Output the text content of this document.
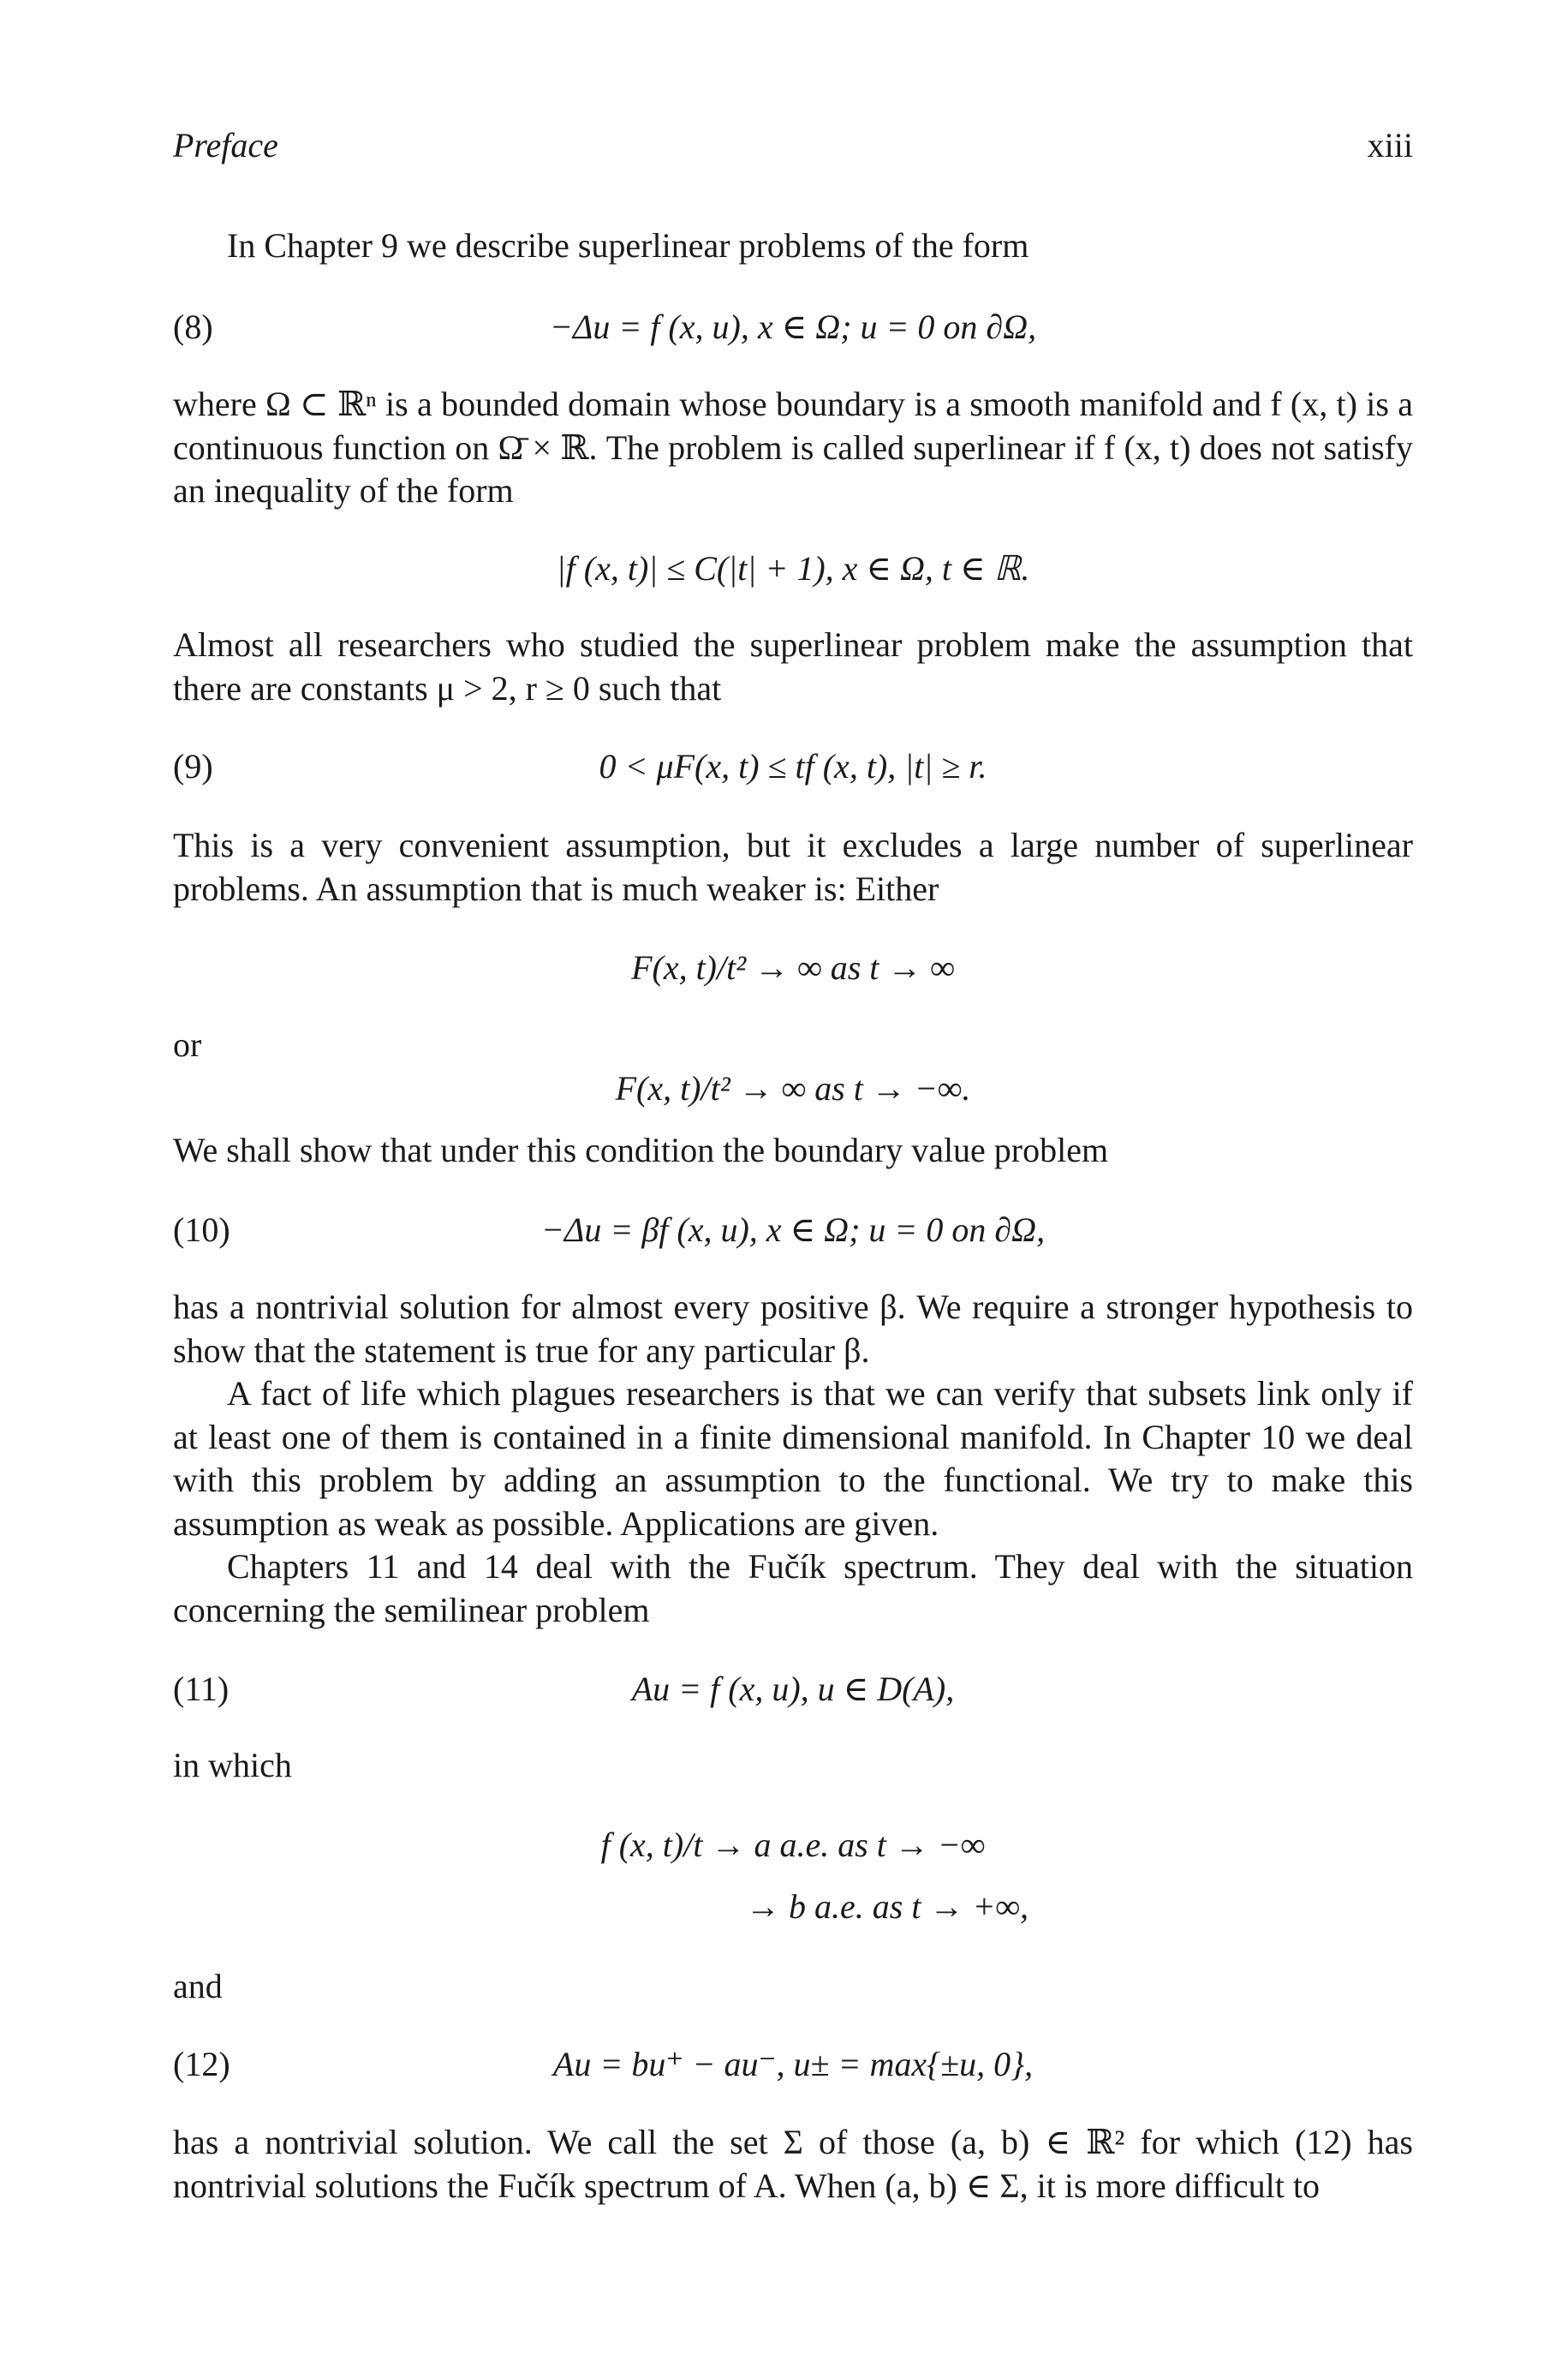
Preface	xiii
In Chapter 9 we describe superlinear problems of the form
(8)	−Δu = f (x, u), x ∈ Ω; u = 0 on ∂Ω,
where Ω ⊂ ℝⁿ is a bounded domain whose boundary is a smooth manifold and f (x, t) is a continuous function on Ω̄ × ℝ. The problem is called superlinear if f (x, t) does not satisfy an inequality of the form
|f (x, t)| ≤ C(|t| + 1), x ∈ Ω, t ∈ ℝ.
Almost all researchers who studied the superlinear problem make the assumption that there are constants μ > 2, r ≥ 0 such that
(9)	0 < μF(x, t) ≤ tf (x, t), |t| ≥ r.
This is a very convenient assumption, but it excludes a large number of superlinear problems. An assumption that is much weaker is: Either
F(x, t)/t² → ∞ as t → ∞
or
F(x, t)/t² → ∞ as t → −∞.
We shall show that under this condition the boundary value problem
(10)	−Δu = βf (x, u), x ∈ Ω; u = 0 on ∂Ω,
has a nontrivial solution for almost every positive β. We require a stronger hypothesis to show that the statement is true for any particular β.
A fact of life which plagues researchers is that we can verify that subsets link only if at least one of them is contained in a finite dimensional manifold. In Chapter 10 we deal with this problem by adding an assumption to the functional. We try to make this assumption as weak as possible. Applications are given.
Chapters 11 and 14 deal with the Fučík spectrum. They deal with the situation concerning the semilinear problem
(11)	Au = f (x, u), u ∈ D(A),
in which
f (x, t)/t → a a.e. as t → −∞
→ b a.e. as t → +∞,
and
(12)	Au = bu⁺ − au⁻, u± = max{±u, 0},
has a nontrivial solution. We call the set Σ of those (a, b) ∈ ℝ² for which (12) has nontrivial solutions the Fučík spectrum of A. When (a, b) ∈ Σ, it is more difficult to
